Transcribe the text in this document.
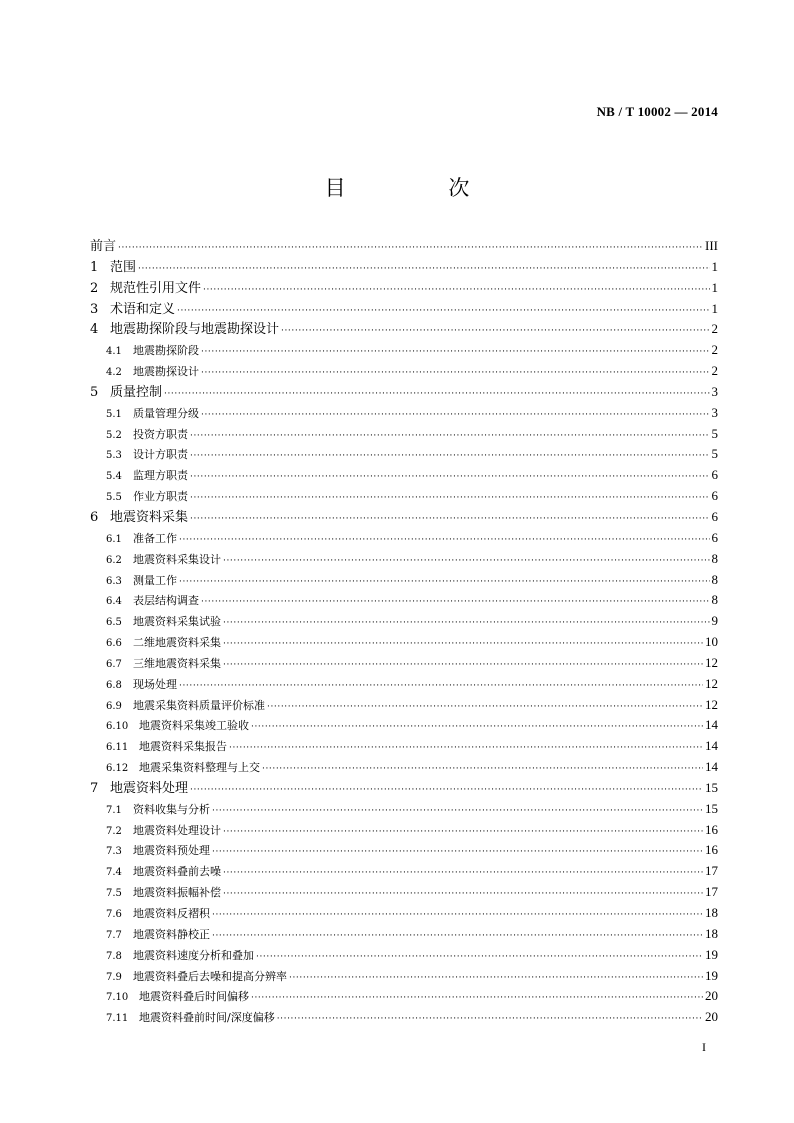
NB / T 10002 — 2014
目 次
前言 ·····	III
1 范围 ·····	1
2 规范性引用文件 ·····	1
3 术语和定义 ·····	1
4 地震勘探阶段与地震勘探设计 ·····	2
4.1	地震勘探阶段 ·····	2
4.2	地震勘探设计 ·····	2
5 质量控制 ·····	3
5.1	质量管理分级 ·····	3
5.2	投资方职责 ·····	5
5.3	设计方职责 ·····	5
5.4	监理方职责 ·····	6
5.5	作业方职责 ·····	6
6 地震资料采集 ·····	6
6.1	准备工作 ·····	6
6.2	地震资料采集设计 ·····	8
6.3	测量工作 ·····	8
6.4	表层结构调查 ·····	8
6.5	地震资料采集试验 ·····	9
6.6	二维地震资料采集 ·····	10
6.7	三维地震资料采集 ·····	12
6.8	现场处理 ·····	12
6.9	地震采集资料质量评价标准 ·····	12
6.10 地震资料采集竣工验收 ·····	14
6.11 地震资料采集报告 ·····	14
6.12 地震采集资料整理与上交 ·····	14
7 地震资料处理 ·····	15
7.1	资料收集与分析 ·····	15
7.2	地震资料处理设计 ·····	16
7.3	地震资料预处理 ·····	16
7.4	地震资料叠前去噪 ·····	17
7.5	地震资料振幅补偿 ·····	17
7.6	地震资料反褶积 ·····	18
7.7	地震资料静校正 ·····	18
7.8	地震资料速度分析和叠加 ·····	19
7.9	地震资料叠后去噪和提高分辨率 ·····	19
7.10 地震资料叠后时间偏移 ·····	20
7.11 地震资料叠前时间/深度偏移 ·····	20
I
